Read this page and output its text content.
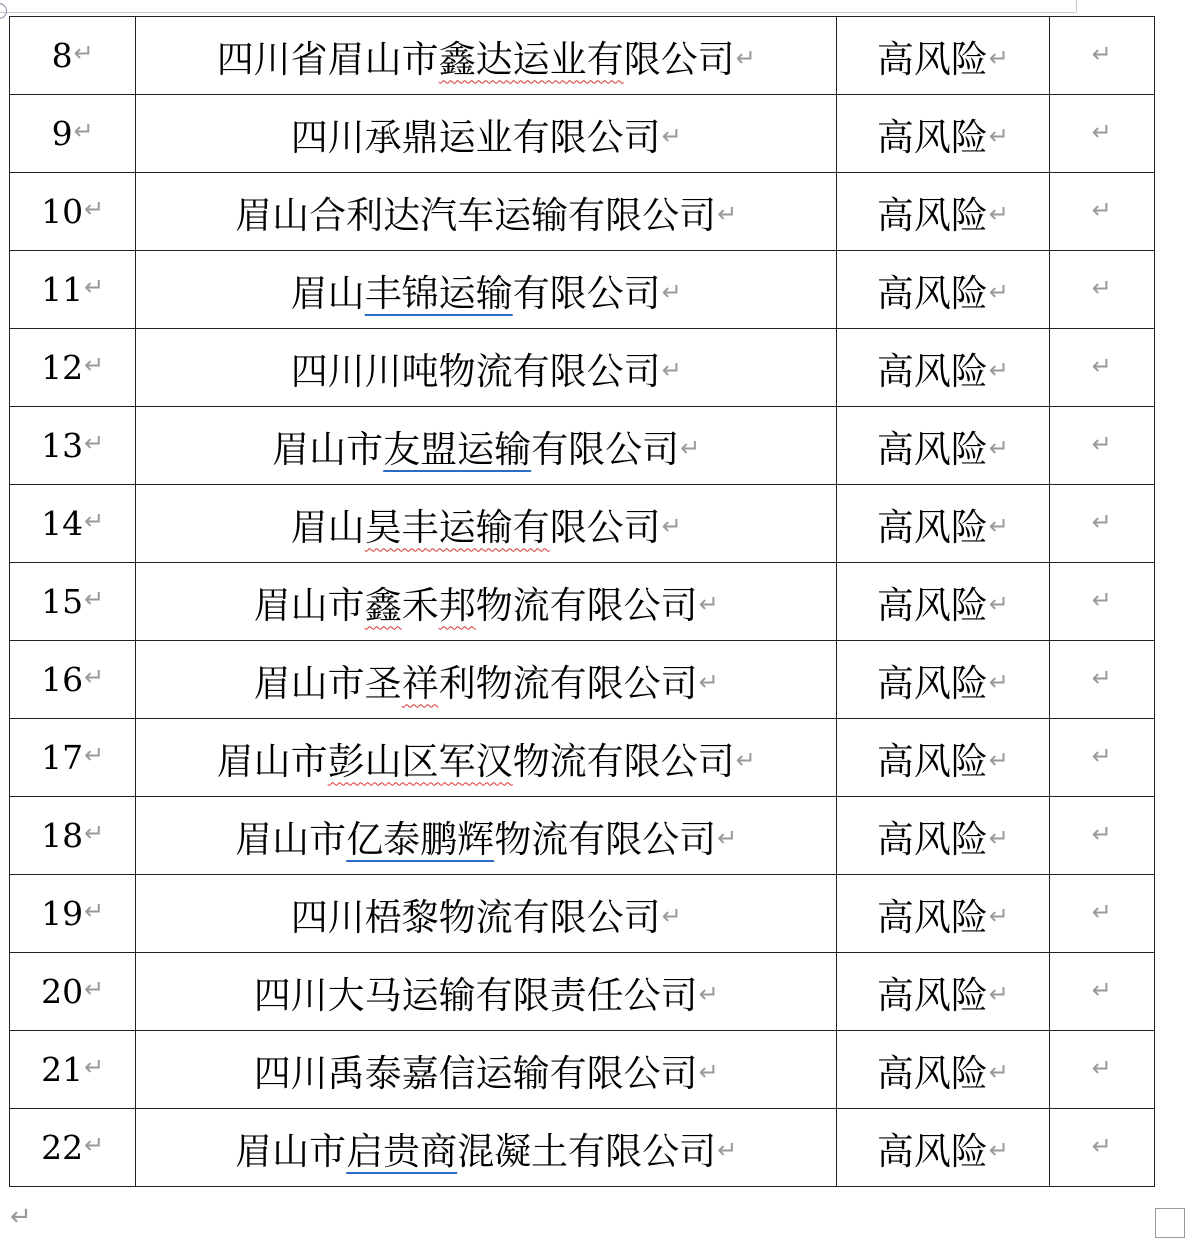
8↵	四川省眉山市鑫达运业有限公司↵	高风险↵	↵
9↵	四川承鼎运业有限公司↵	高风险↵	↵
10↵	眉山合利达汽车运输有限公司↵	高风险↵	↵
11↵	眉山丰锦运输有限公司↵	高风险↵	↵
12↵	四川川吨物流有限公司↵	高风险↵	↵
13↵	眉山市友盟运输有限公司↵	高风险↵	↵
14↵	眉山昊丰运输有限公司↵	高风险↵	↵
15↵	眉山市鑫禾邦物流有限公司↵	高风险↵	↵
16↵	眉山市圣祥利物流有限公司↵	高风险↵	↵
17↵	眉山市彭山区军汉物流有限公司↵	高风险↵	↵
18↵	眉山市亿泰鹏辉物流有限公司↵	高风险↵	↵
19↵	四川梧黎物流有限公司↵	高风险↵	↵
20↵	四川大马运输有限责任公司↵	高风险↵	↵
21↵	四川禹泰嘉信运输有限公司↵	高风险↵	↵
22↵	眉山市启贵商混凝土有限公司↵	高风险↵	↵
↵
